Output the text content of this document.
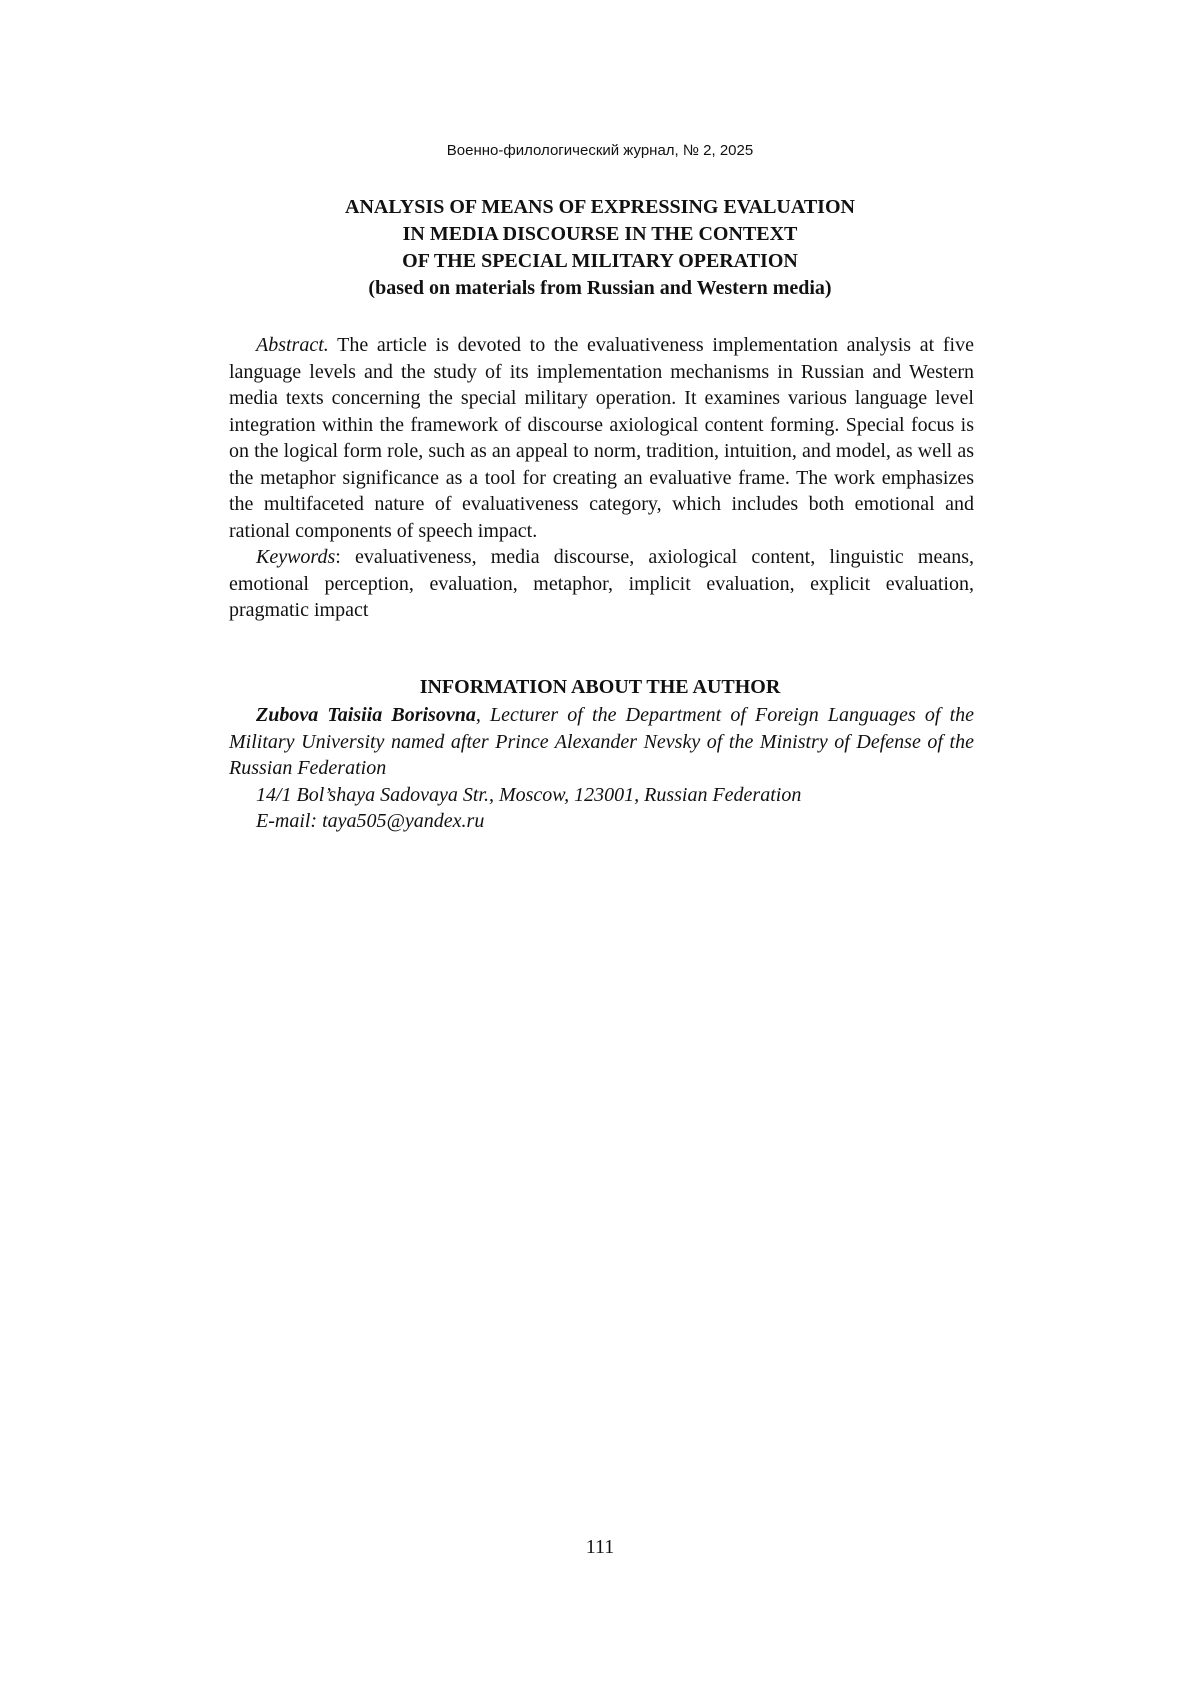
Военно-филологический журнал, № 2, 2025
ANALYSIS OF MEANS OF EXPRESSING EVALUATION
IN MEDIA DISCOURSE IN THE CONTEXT
OF THE SPECIAL MILITARY OPERATION
(based on materials from Russian and Western media)

Abstract. The article is devoted to the evaluativeness implementation analysis at five language levels and the study of its implementation mechanisms in Russian and Western media texts concerning the special military operation. It examines various language level integration within the framework of discourse axiological content forming. Special focus is on the logical form role, such as an appeal to norm, tradition, intuition, and model, as well as the metaphor significance as a tool for creating an evaluative frame. The work emphasizes the multifaceted nature of evaluativeness category, which includes both emotional and rational components of speech impact.

Keywords: evaluativeness, media discourse, axiological content, linguistic means, emotional perception, evaluation, metaphor, implicit evaluation, explicit evaluation, pragmatic impact

INFORMATION ABOUT THE AUTHOR

Zubova Taisiia Borisovna, Lecturer of the Department of Foreign Languages of the Military University named after Prince Alexander Nevsky of the Ministry of Defense of the Russian Federation

14/1 Bol’shaya Sadovaya Str., Moscow, 123001, Russian Federation

E-mail: taya505@yandex.ru

111
